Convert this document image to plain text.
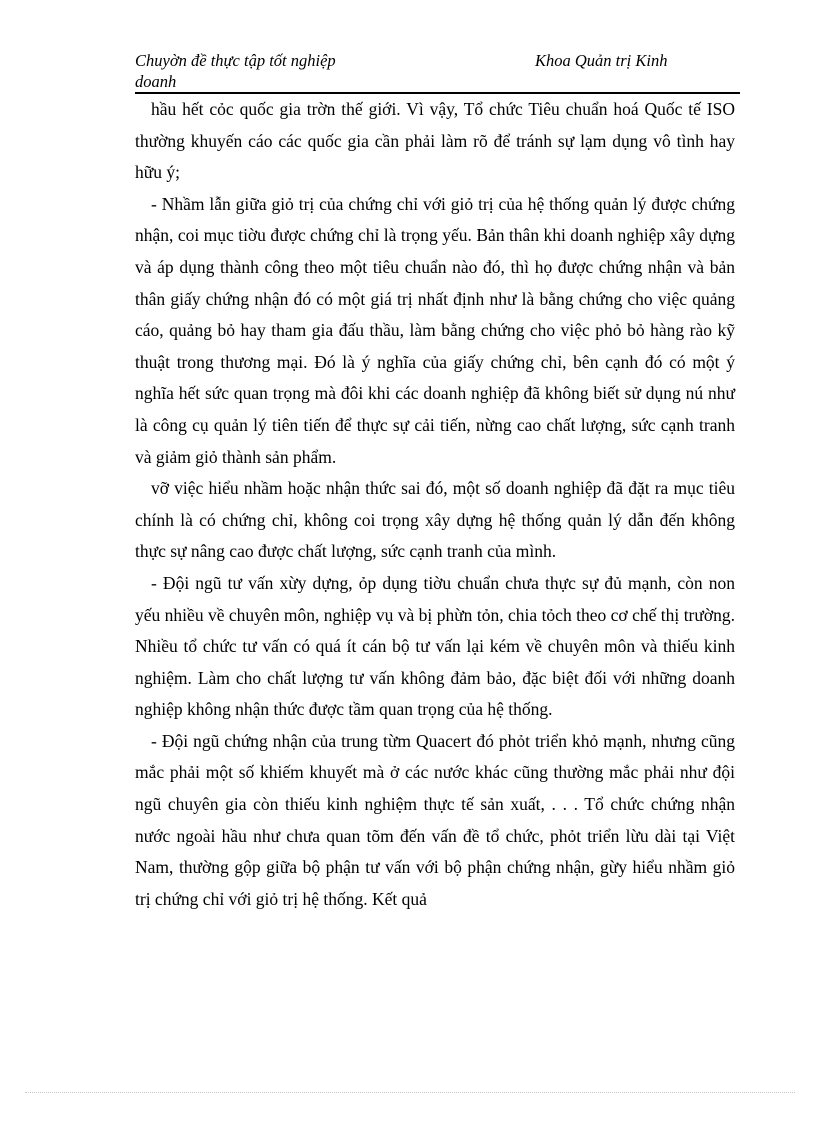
Chuyờn đề thực tập tốt nghiệp
doanh
Khoa Quản trị Kinh

hầu hết cỏc quốc gia trờn thế giới. Vì vậy, Tổ chức Tiêu chuẩn hoá Quốc tế ISO thường khuyến cáo các quốc gia cần phải làm rõ để tránh sự lạm dụng vô tình hay hữu ý;

- Nhầm lẫn giữa giỏ trị của chứng chỉ với giỏ trị của hệ thống quản lý được chứng nhận, coi mục tiờu được chứng chỉ là trọng yếu. Bản thân khi doanh nghiệp xây dựng và áp dụng thành công theo một tiêu chuẩn nào đó, thì họ được chứng nhận và bản thân giấy chứng nhận đó có một giá trị nhất định như là bằng chứng cho việc quảng cáo, quảng bỏ hay tham gia đấu thầu, làm bằng chứng cho việc phỏ bỏ hàng rào kỹ thuật trong thương mại. Đó là ý nghĩa của giấy chứng chỉ, bên cạnh đó có một ý nghĩa hết sức quan trọng mà đôi khi các doanh nghiệp đã không biết sử dụng nú như là công cụ quản lý tiên tiến để thực sự cải tiến, nừng cao chất lượng, sức cạnh tranh và giảm giỏ thành sản phẩm.

vỡ việc hiểu nhầm hoặc nhận thức sai đó, một số doanh nghiệp đã đặt ra mục tiêu chính là có chứng chỉ, không coi trọng xây dựng hệ thống quản lý dẫn đến không thực sự nâng cao được chất lượng, sức cạnh tranh của mình.

- Đội ngũ tư vấn xừy dựng, ỏp dụng tiờu chuẩn chưa thực sự đủ mạnh, còn non yếu nhiều về chuyên môn, nghiệp vụ và bị phừn tỏn, chia tỏch theo cơ chế thị trường. Nhiều tổ chức tư vấn có quá ít cán bộ tư vấn lại kém về chuyên môn và thiếu kinh nghiệm. Làm cho chất lượng tư vấn không đảm bảo, đặc biệt đối với những doanh nghiệp không nhận thức được tầm quan trọng của hệ thống.

- Đội ngũ chứng nhận của trung từm Quacert đó phỏt triển khỏ mạnh, nhưng cũng mắc phải một số khiếm khuyết mà ở các nước khác cũng thường mắc phải như đội ngũ chuyên gia còn thiếu kinh nghiệm thực tế sản xuất, . . . Tổ chức chứng nhận nước ngoài hầu như chưa quan tõm đến vấn đề tổ chức, phỏt triển lừu dài tại Việt Nam, thường gộp giữa bộ phận tư vấn với bộ phận chứng nhận, gừy hiểu nhầm giỏ trị chứng chỉ với giỏ trị hệ thống. Kết quả
